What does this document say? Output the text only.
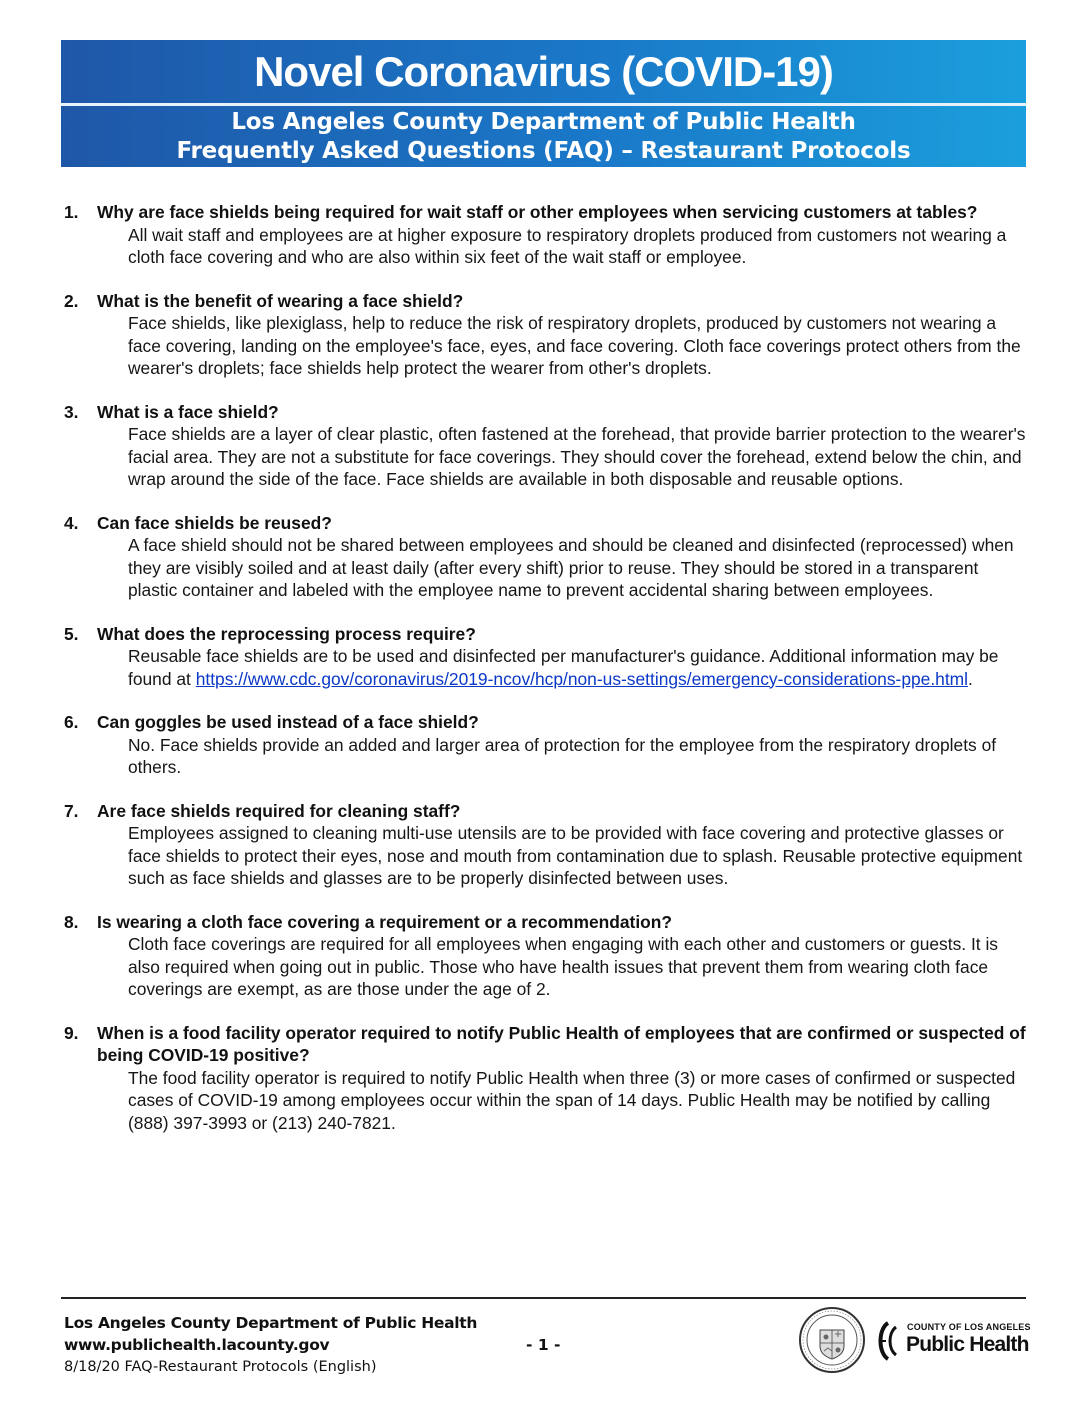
Novel Coronavirus (COVID-19)
Los Angeles County Department of Public Health
Frequently Asked Questions (FAQ) – Restaurant Protocols
1.	Why are face shields being required for wait staff or other employees when servicing customers at tables?
All wait staff and employees are at higher exposure to respiratory droplets produced from customers not wearing a cloth face covering and who are also within six feet of the wait staff or employee.
2.	What is the benefit of wearing a face shield?
Face shields, like plexiglass, help to reduce the risk of respiratory droplets, produced by customers not wearing a face covering, landing on the employee's face, eyes, and face covering. Cloth face coverings protect others from the wearer's droplets; face shields help protect the wearer from other's droplets.
3.	What is a face shield?
Face shields are a layer of clear plastic, often fastened at the forehead, that provide barrier protection to the wearer's facial area. They are not a substitute for face coverings. They should cover the forehead, extend below the chin, and wrap around the side of the face. Face shields are available in both disposable and reusable options.
4.	Can face shields be reused?
A face shield should not be shared between employees and should be cleaned and disinfected (reprocessed) when they are visibly soiled and at least daily (after every shift) prior to reuse. They should be stored in a transparent plastic container and labeled with the employee name to prevent accidental sharing between employees.
5.	What does the reprocessing process require?
Reusable face shields are to be used and disinfected per manufacturer's guidance. Additional information may be found at https://www.cdc.gov/coronavirus/2019-ncov/hcp/non-us-settings/emergency-considerations-ppe.html.
6.	Can goggles be used instead of a face shield?
No. Face shields provide an added and larger area of protection for the employee from the respiratory droplets of others.
7.	Are face shields required for cleaning staff?
Employees assigned to cleaning multi-use utensils are to be provided with face covering and protective glasses or face shields to protect their eyes, nose and mouth from contamination due to splash. Reusable protective equipment such as face shields and glasses are to be properly disinfected between uses.
8.	Is wearing a cloth face covering a requirement or a recommendation?
Cloth face coverings are required for all employees when engaging with each other and customers or guests. It is also required when going out in public. Those who have health issues that prevent them from wearing cloth face coverings are exempt, as are those under the age of 2.
9.	When is a food facility operator required to notify Public Health of employees that are confirmed or suspected of being COVID-19 positive?
The food facility operator is required to notify Public Health when three (3) or more cases of confirmed or suspected cases of COVID-19 among employees occur within the span of 14 days. Public Health may be notified by calling (888) 397-3993 or (213) 240-7821.
Los Angeles County Department of Public Health
www.publichealth.lacounty.gov
8/18/20 FAQ-Restaurant Protocols (English)
- 1 -
COUNTY OF LOS ANGELES
Public Health
